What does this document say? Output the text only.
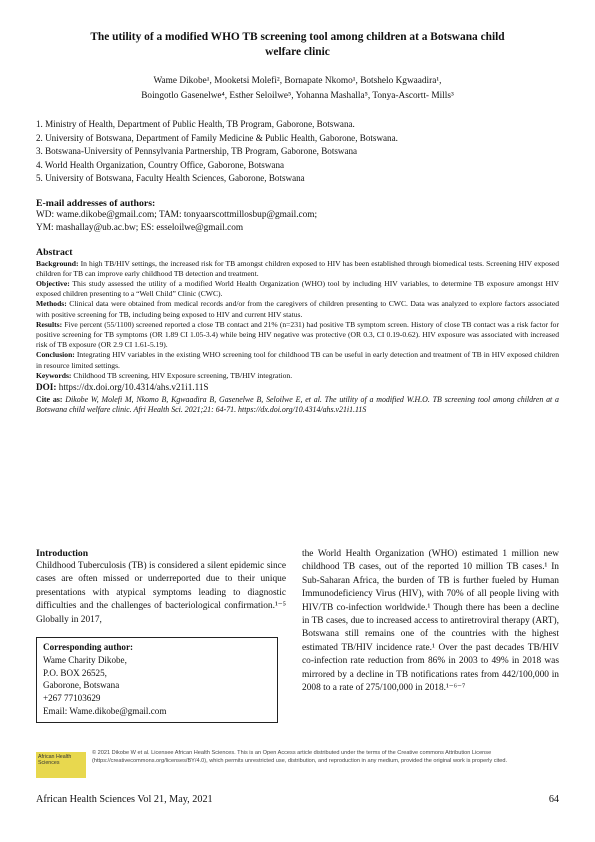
The utility of a modified WHO TB screening tool among children at a Botswana child welfare clinic
Wame Dikobe¹, Mooketsi Molefi², Bornapate Nkomo¹, Botshelo Kgwaadira¹,
Boingotlo Gasenelwe⁴, Esther Seloilwe⁵, Yohanna Mashalla⁵, Tonya-Ascortt- Mills³
1. Ministry of Health, Department of Public Health, TB Program, Gaborone, Botswana.
2. University of Botswana, Department of Family Medicine & Public Health, Gaborone, Botswana.
3. Botswana-University of Pennsylvania Partnership, TB Program, Gaborone, Botswana
4. World Health Organization, Country Office, Gaborone, Botswana
5. University of Botswana, Faculty Health Sciences, Gaborone, Botswana
E-mail addresses of authors:
WD: wame.dikobe@gmail.com; TAM: tonyaarscottmillosbup@gmail.com;
YM: mashallay@ub.ac.bw; ES: esseloilwe@gmail.com
Abstract

Background: In high TB/HIV settings, the increased risk for TB amongst children exposed to HIV has been established through biomedical tests. Screening HIV exposed children for TB can improve early childhood TB detection and treatment.

Objective: This study assessed the utility of a modified World Health Organization (WHO) tool by including HIV variables, to determine TB exposure amongst HIV exposed children presenting to a “Well Child” Clinic (CWC).

Methods: Clinical data were obtained from medical records and/or from the caregivers of children presenting to CWC. Data was analyzed to explore factors associated with positive screening for TB, including being exposed to HIV and current HIV status.

Results: Five percent (55/1100) screened reported a close TB contact and 21% (n=231) had positive TB symptom screen. History of close TB contact was a risk factor for positive screening for TB symptoms (OR 1.89 CI 1.05-3.4) while being HIV negative was protective (OR 0.3, CI 0.19-0.62). HIV exposure was associated with increased risk of TB exposure (OR 2.9 CI 1.61-5.19).

Conclusion: Integrating HIV variables in the existing WHO screening tool for childhood TB can be useful in early detection and treatment of TB in HIV exposed children in resource limited settings.

Keywords: Childhood TB screening, HIV Exposure screening, TB/HIV integration.

DOI: https://dx.doi.org/10.4314/ahs.v21i1.11S

Cite as: Dikobe W, Molefi M, Nkomo B, Kgwaadira B, Gasenelwe B, Seloilwe E, et al. The utility of a modified W.H.O. TB screening tool among children at a Botswana child welfare clinic. Afri Health Sci. 2021;21: 64-71. https://dx.doi.org/10.4314/ahs.v21i1.11S

Introduction

Childhood Tuberculosis (TB) is considered a silent epidemic since cases are often missed or underreported due to their unique presentations with atypical symptoms leading to diagnostic difficulties and the challenges of bacteriological confirmation.¹⁻⁵ Globally in 2017,

Corresponding author:
Wame Charity Dikobe,
P.O. BOX 26525,
Gaborone, Botswana
+267 77103629
Email: Wame.dikobe@gmail.com

the World Health Organization (WHO) estimated 1 million new childhood TB cases, out of the reported 10 million TB cases.¹ In Sub-Saharan Africa, the burden of TB is further fueled by Human Immunodeficiency Virus (HIV), with 70% of all people living with HIV/TB co-infection worldwide.¹ Though there has been a decline in TB cases, due to increased access to antiretroviral therapy (ART), Botswana still remains one of the countries with the highest estimated TB/HIV incidence rate.¹ Over the past decades TB/HIV co-infection rate reduction from 86% in 2003 to 49% in 2018 was mirrored by a decline in TB notifications rates from 442/100,000 in 2008 to a rate of 275/100,000 in 2018.¹⁻⁶⁻⁷

African Health Sciences
© 2021 Dikobe W et al. Licensee African Health Sciences. This is an Open Access article distributed under the terms of the Creative commons Attribution License (https://creativecommons.org/licenses/BY/4.0), which permits unrestricted use, distribution, and reproduction in any medium, provided the original work is properly cited.
African Health Sciences Vol 21, May, 2021	64
